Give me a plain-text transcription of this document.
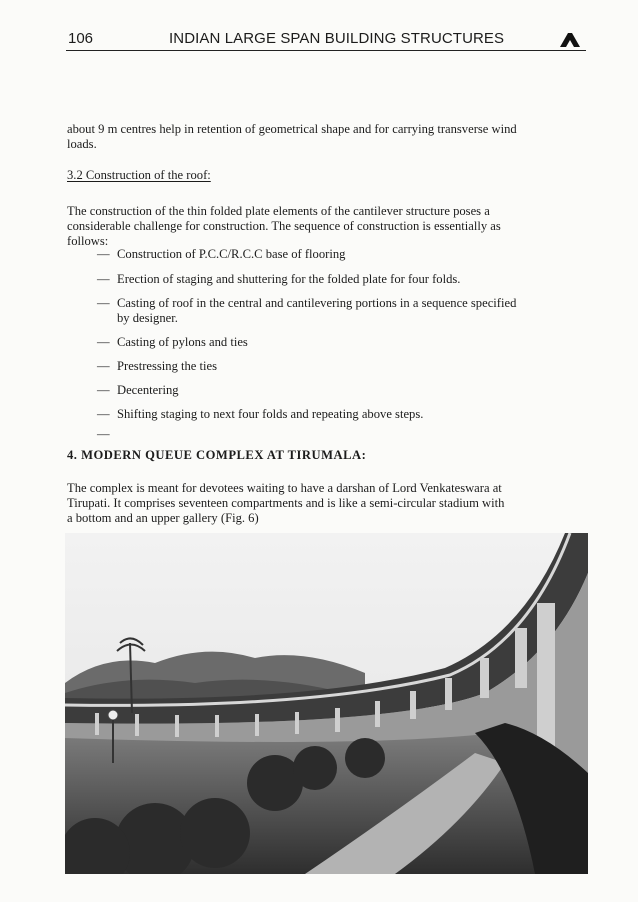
106	INDIAN LARGE SPAN BUILDING STRUCTURES
about 9 m centres help in retention of geometrical shape and for carrying transverse wind
loads.
3.2 Construction of the roof:
The construction of the thin folded plate elements of the cantilever structure poses a
considerable challenge for construction. The sequence of construction is essentially as
follows:
— Construction of P.C.C/R.C.C base of flooring
— Erection of staging and shuttering for the folded plate for four folds.
— Casting of roof in the central and cantilevering portions in a sequence specified
by designer.
— Casting of pylons and ties
— Prestressing the ties
— Decentering
— Shifting staging to next four folds and repeating above steps.
—
4. MODERN QUEUE COMPLEX AT TIRUMALA:
The complex is meant for devotees waiting to have a darshan of Lord Venkateswara at
Tirupati. It comprises seventeen compartments and is like a semi-circular stadium with
a bottom and an upper gallery (Fig. 6)
